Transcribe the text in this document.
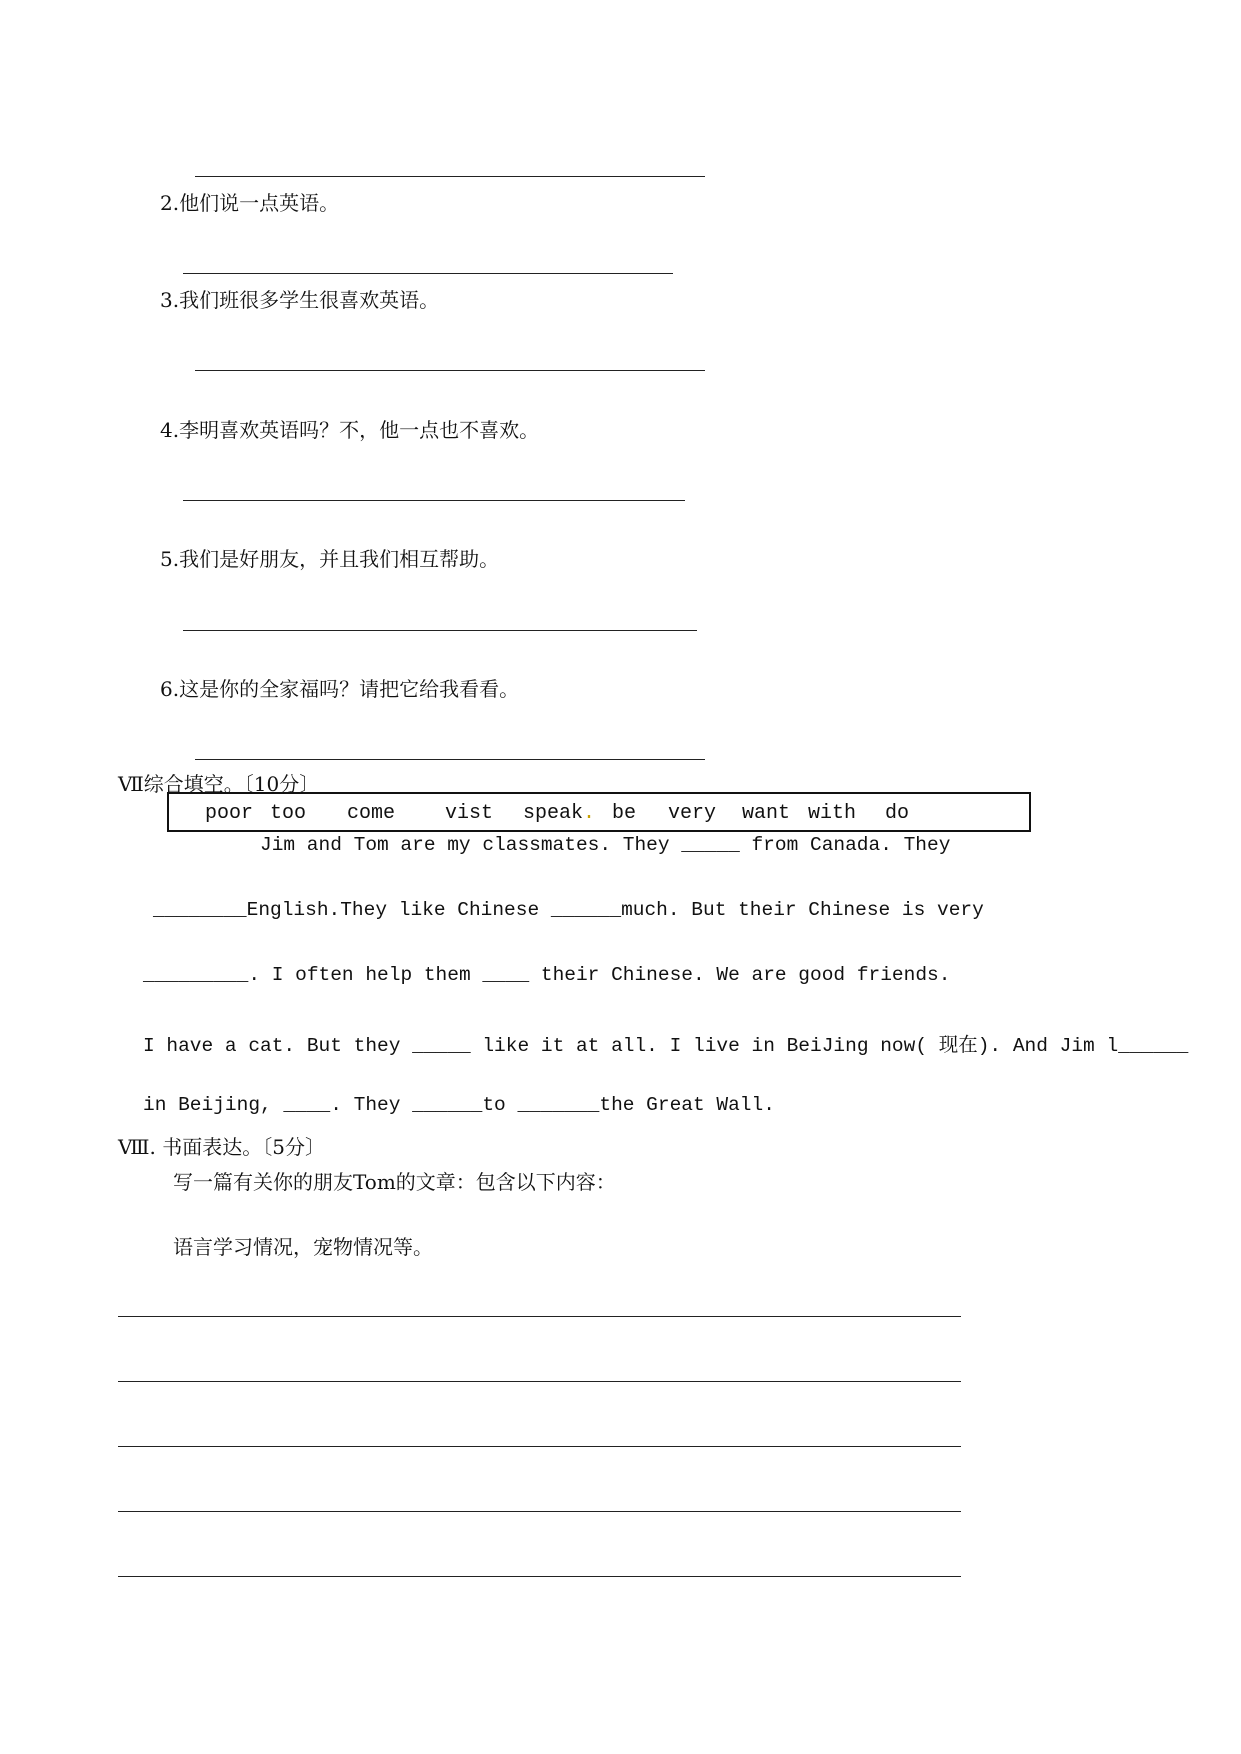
2.他们说一点英语。
3.我们班很多学生很喜欢英语。
4.李明喜欢英语吗？不，他一点也不喜欢。
5.我们是好朋友，并且我们相互帮助。
6.这是你的全家福吗？请把它给我看看。
Ⅶ综合填空。〔10分〕
poor too come vist speak . be very want with do
Jim and Tom are my classmates. They _____ from Canada. They
________English.They like Chinese ______much. But their Chinese is very
_________. I often help them ____ their Chinese. We are good friends.
I have a cat. But they _____ like it at all. I live in BeiJing now( 现在). And Jim l______
in Beijing, ____. They ______to _______the Great Wall.
Ⅷ. 书面表达。〔5分〕
写一篇有关你的朋友Tom的文章：包含以下内容：
语言学习情况，宠物情况等。
